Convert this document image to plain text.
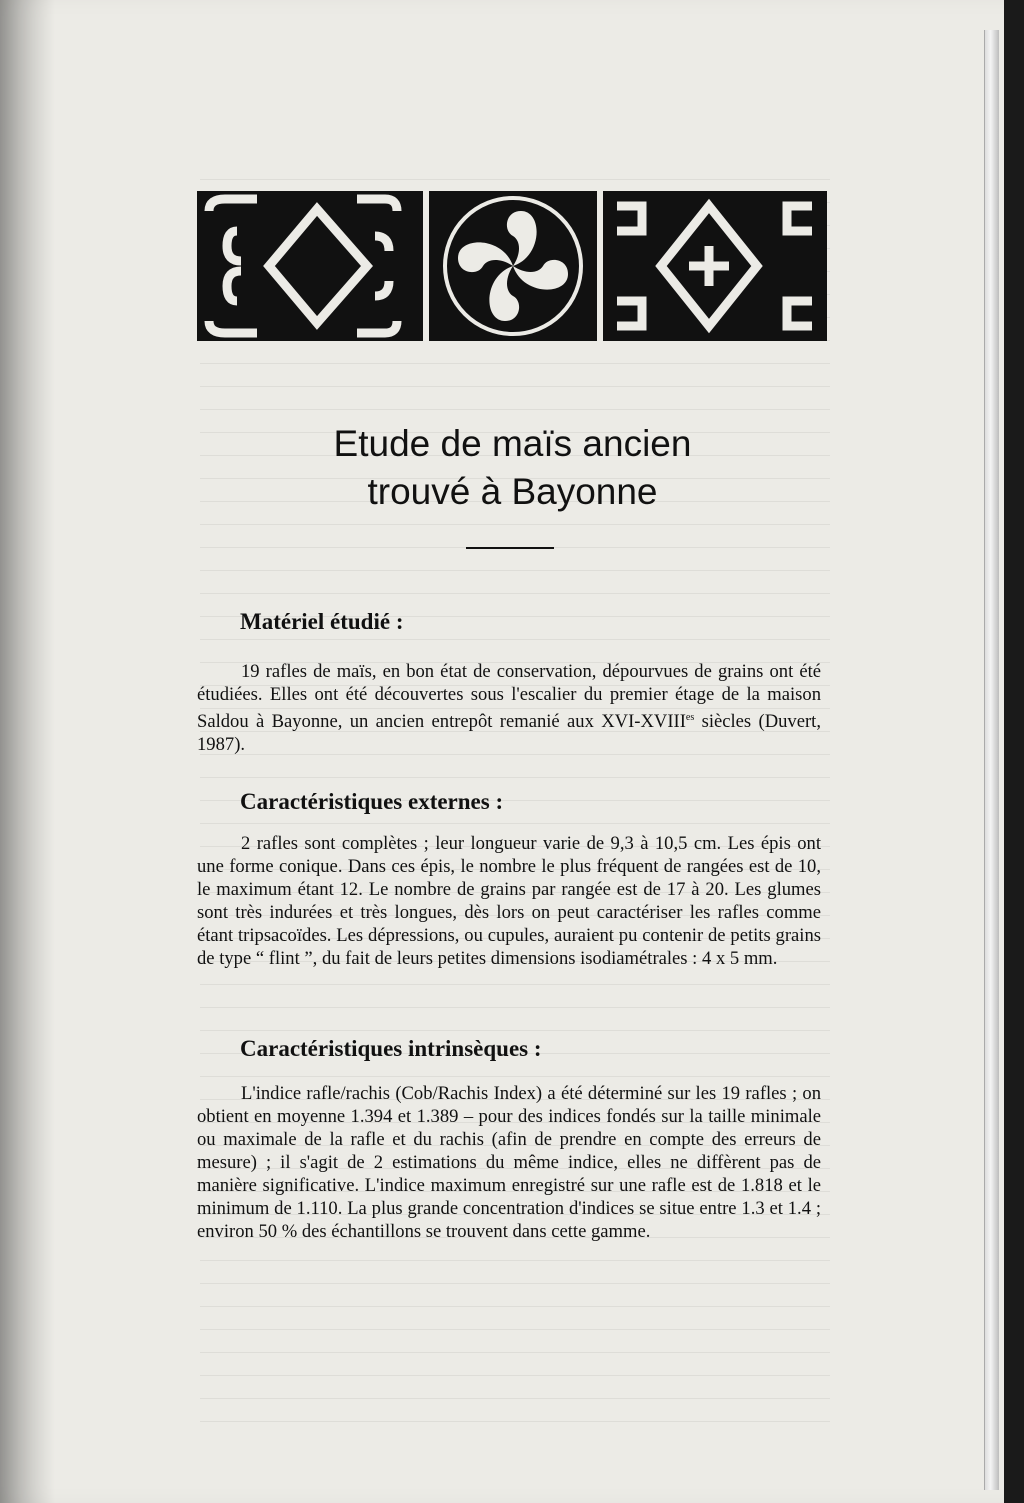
Etude de maïs ancien
trouvé à Bayonne
Matériel étudié :

19 rafles de maïs, en bon état de conservation, dépourvues de grains ont été étudiées. Elles ont été découvertes sous l'escalier du premier étage de la maison Saldou à Bayonne, un ancien entrepôt remanié aux XVI-$XVIII^{es}$ siècles (Duvert, 1987).

Caractéristiques externes :

2 rafles sont complètes ; leur longueur varie de 9,3 à 10,5 cm. Les épis ont une forme conique. Dans ces épis, le nombre le plus fréquent de rangées est de 10, le maximum étant 12. Le nombre de grains par rangée est de 17 à 20. Les glumes sont très indurées et très longues, dès lors on peut caractériser les rafles comme étant tripsacoïdes. Les dépressions, ou cupules, auraient pu contenir de petits grains de type “ flint ”, du fait de leurs petites dimensions isodiamétrales : 4 x 5 mm.

Caractéristiques intrinsèques :

L'indice rafle/rachis (Cob/Rachis Index) a été déterminé sur les 19 rafles ; on obtient en moyenne 1.394 et 1.389 – pour des indices fondés sur la taille minimale ou maximale de la rafle et du rachis (afin de prendre en compte des erreurs de mesure) ; il s'agit de 2 estimations du même indice, elles ne diffèrent pas de manière significative. L'indice maximum enregistré sur une rafle est de 1.818 et le minimum de 1.110. La plus grande concentration d'indices se situe entre 1.3 et 1.4 ; environ 50 % des échantillons se trouvent dans cette gamme.
